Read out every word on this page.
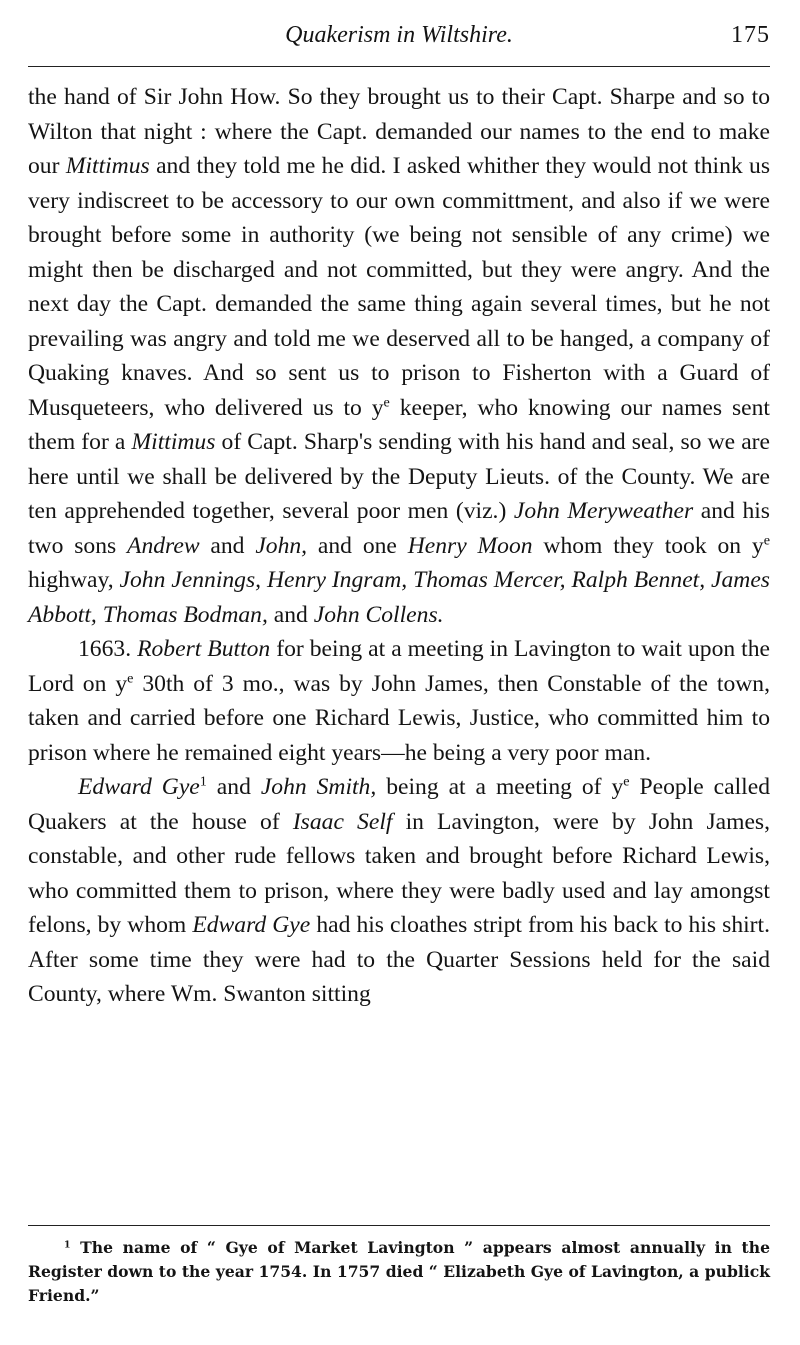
Quakerism in Wiltshire.	175

the hand of Sir John How. So they brought us to their Capt. Sharpe and so to Wilton that night : where the Capt. demanded our names to the end to make our Mittimus and they told me he did. I asked whither they would not think us very indiscreet to be accessory to our own committment, and also if we were brought before some in authority (we being not sensible of any crime) we might then be discharged and not committed, but they were angry. And the next day the Capt. demanded the same thing again several times, but he not prevailing was angry and told me we deserved all to be hanged, a company of Quaking knaves. And so sent us to prison to Fisherton with a Guard of Musqueteers, who delivered us to $y^e$ keeper, who knowing our names sent them for a Mittimus of Capt. Sharp's sending with his hand and seal, so we are here until we shall be delivered by the Deputy Lieuts. of the County. We are ten apprehended together, several poor men (viz.) John Meryweather and his two sons Andrew and John, and one Henry Moon whom they took on $y^e$ highway, John Jennings, Henry Ingram, Thomas Mercer, Ralph Bennet, James Abbott, Thomas Bodman, and John Collens.

1663. Robert Button for being at a meeting in Lavington to wait upon the Lord on $y^e$ 30th of 3 mo., was by John James, then Constable of the town, taken and carried before one Richard Lewis, Justice, who committed him to prison where he remained eight years—he being a very poor man.

Edward Gye$^1$ and John Smith, being at a meeting of $y^e$ People called Quakers at the house of Isaac Self in Lavington, were by John James, constable, and other rude fellows taken and brought before Richard Lewis, who committed them to prison, where they were badly used and lay amongst felons, by whom Edward Gye had his cloathes stript from his back to his shirt. After some time they were had to the Quarter Sessions held for the said County, where Wm. Swanton sitting

$^1$ The name of “ Gye of Market Lavington ” appears almost annually in the Register down to the year 1754. In 1757 died “ Elizabeth Gye of Lavington, a publick Friend.”
